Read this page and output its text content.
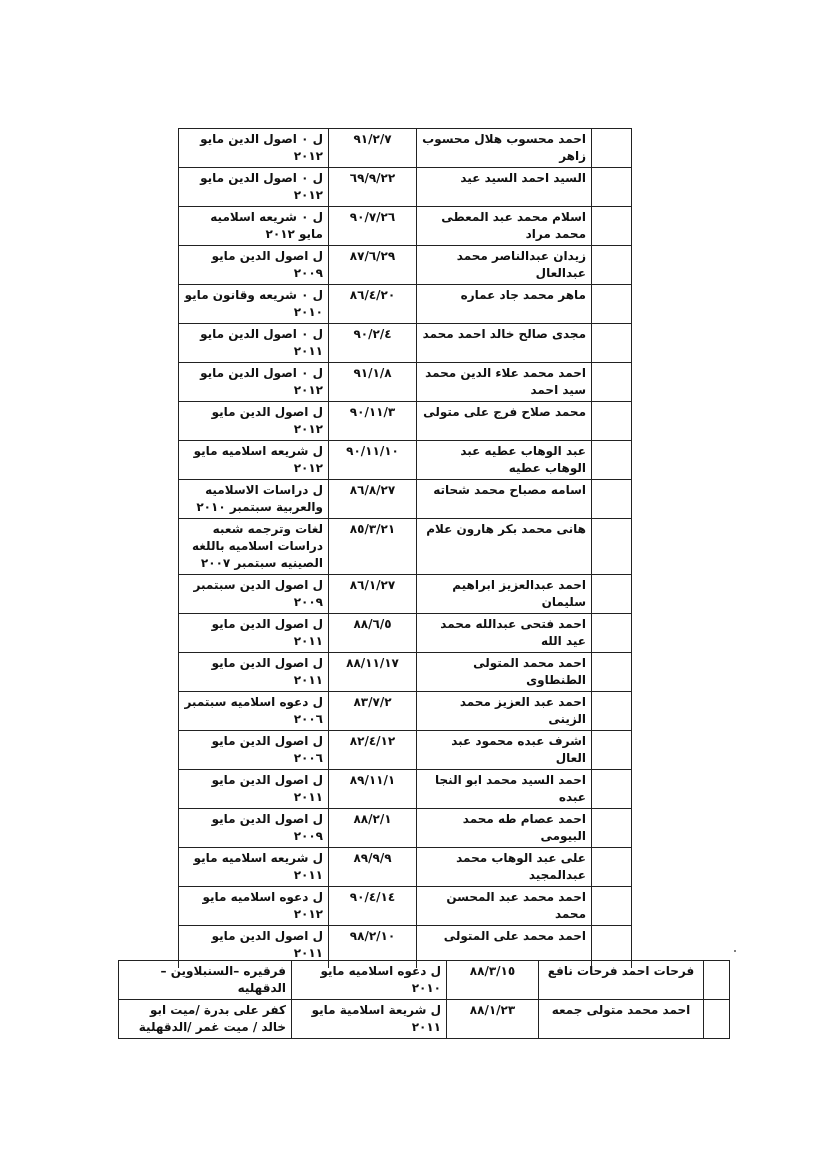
	احمد محسوب هلال محسوب زاهر	٩١/٢/٧	ل ٠ اصول الدين مايو ٢٠١٢
	السيد احمد السيد عيد	٦٩/٩/٢٢	ل ٠ اصول الدين مايو ٢٠١٢
	اسلام محمد عبد المعطى محمد مراد	٩٠/٧/٢٦	ل ٠ شريعه اسلاميه مايو ٢٠١٢
	زيدان عبدالناصر محمد عبدالعال	٨٧/٦/٢٩	ل اصول الدين مايو ٢٠٠٩
	ماهر محمد جاد عماره	٨٦/٤/٢٠	ل ٠ شريعه وقانون مايو ٢٠١٠
	مجدى صالح خالد احمد محمد	٩٠/٢/٤	ل ٠ اصول الدين مايو ٢٠١١
	احمد محمد علاء الدين محمد سيد احمد	٩١/١/٨	ل ٠ اصول الدين مايو ٢٠١٢
	محمد صلاح فرج على متولى	٩٠/١١/٣	ل اصول الدين مايو ٢٠١٢
	عبد الوهاب عطيه عبد الوهاب عطيه	٩٠/١١/١٠	ل شريعه اسلاميه مايو ٢٠١٢
	اسامه مصباح محمد شحاته	٨٦/٨/٢٧	ل دراسات الاسلاميه والعربية سبتمبر ٢٠١٠
	هانى محمد بكر هارون علام	٨٥/٣/٢١	لغات وترجمه شعبه دراسات اسلاميه باللغه الصينيه سبتمبر ٢٠٠٧
	احمد عبدالعزيز ابراهيم سليمان	٨٦/١/٢٧	ل اصول الدين سبتمبر ٢٠٠٩
	احمد فتحى عبدالله محمد عيد الله	٨٨/٦/٥	ل اصول الدين مايو ٢٠١١
	احمد محمد المتولى الطنطاوى	٨٨/١١/١٧	ل اصول الدين مايو ٢٠١١
	احمد عبد العزيز محمد الزينى	٨٣/٧/٢	ل دعوه اسلاميه سبتمبر ٢٠٠٦
	اشرف عبده محمود عبد العال	٨٢/٤/١٢	ل اصول الدين مايو ٢٠٠٦
	احمد السيد محمد ابو النجا عبده	٨٩/١١/١	ل اصول الدين مايو ٢٠١١
	احمد عصام طه محمد البيومى	٨٨/٢/١	ل اصول الدين مايو ٢٠٠٩
	على عبد الوهاب محمد عبدالمجيد	٨٩/٩/٩	ل شريعه اسلاميه مايو ٢٠١١
	احمد محمد عبد المحسن محمد	٩٠/٤/١٤	ل دعوه اسلاميه مايو ٢٠١٢
	احمد محمد على المتولى	٩٨/٢/١٠	ل اصول الدين مايو ٢٠١١
	فرحات احمد فرحات نافع	٨٨/٣/١٥	ل دعوه اسلاميه مايو ٢٠١٠	فرقيره –السنبلاوين – الدقهليه
	احمد محمد متولى جمعه	٨٨/١/٢٣	ل شريعة اسلامية مايو ٢٠١١	كفر على بدرة /ميت ابو خالد / ميت غمر /الدقهلية
